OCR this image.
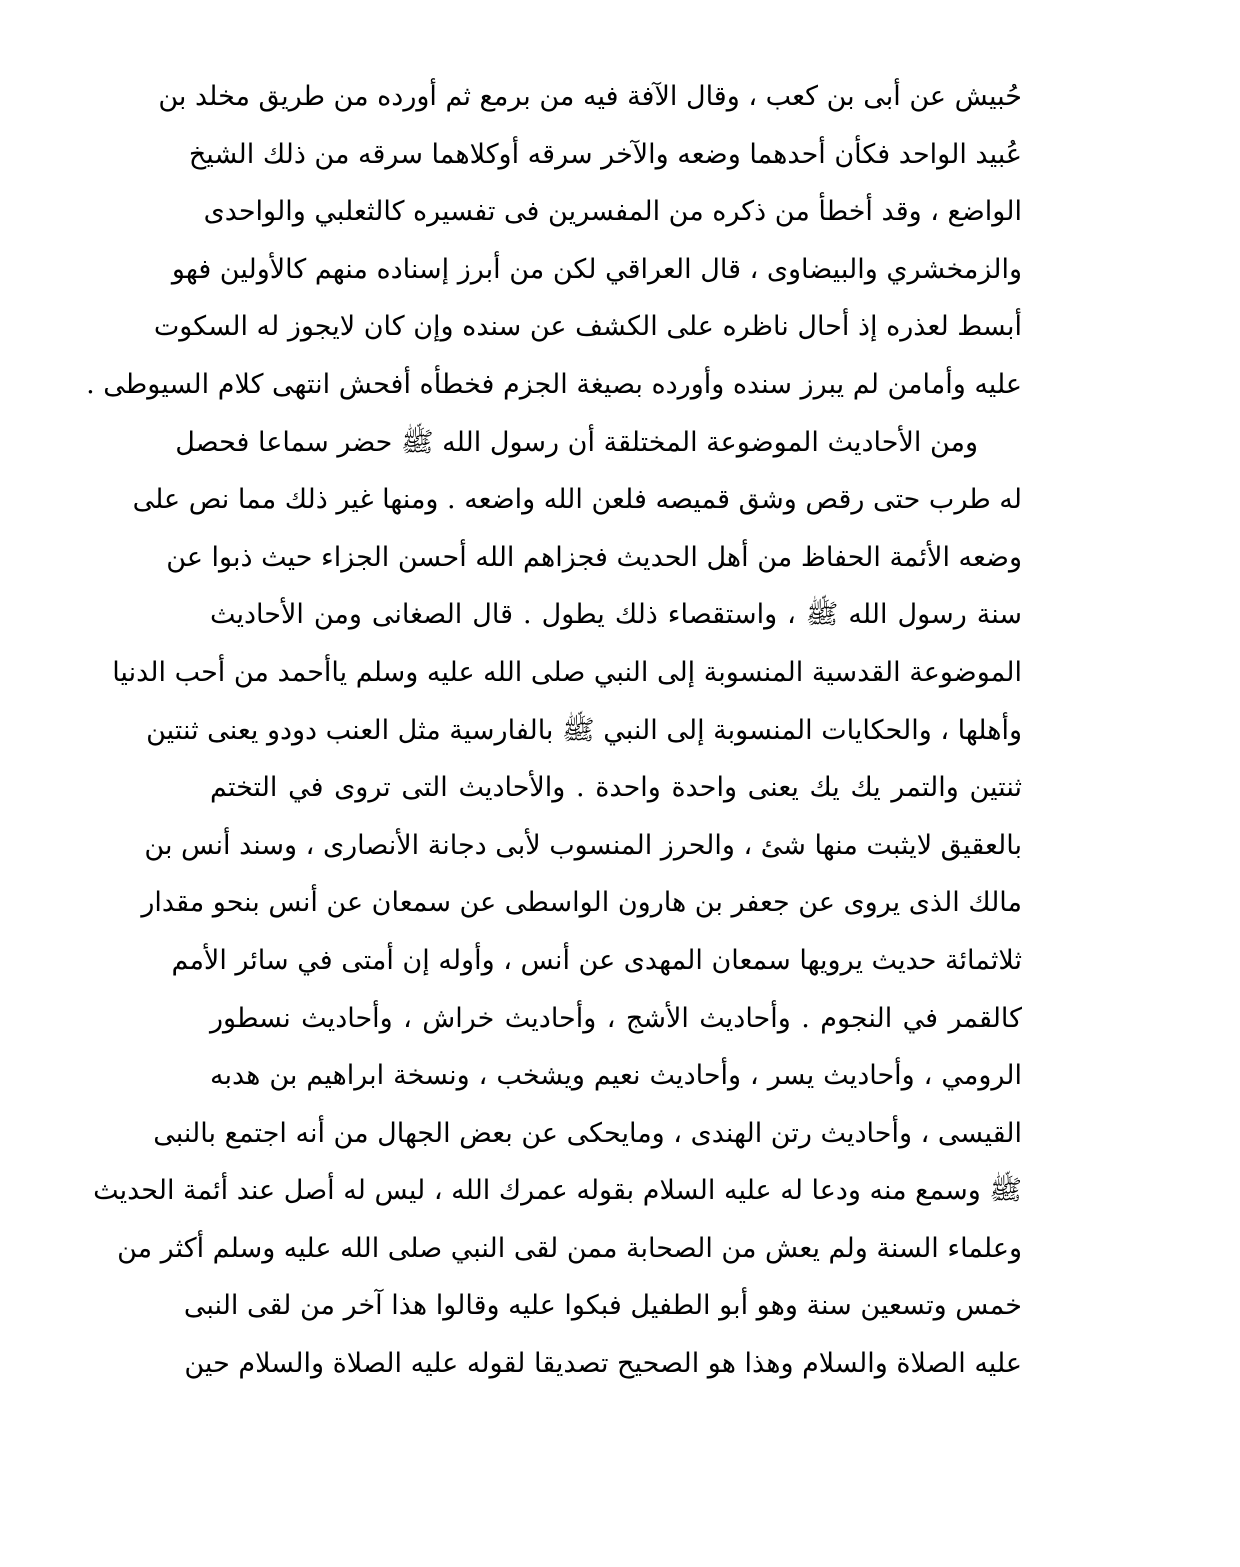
حُبيش عن أبى بن كعب ، وقال الآفة فيه من برمع ثم أورده من طريق مخلد بن
عُبيد الواحد فكأن أحدهما وضعه والآخر سرقه أوكلاهما سرقه من ذلك الشيخ
الواضع ، وقد أخطأ من ذكره من المفسرين فى تفسيره كالثعلبي والواحدى
والزمخشري والبيضاوى ، قال العراقي لكن من أبرز إسناده منهم كالأولين فهو
أبسط لعذره إذ أحال ناظره على الكشف عن سنده وإن كان لايجوز له السكوت
عليه وأمامن لم يبرز سنده وأورده بصيغة الجزم فخطأه أفحش انتهى كلام السيوطى .
ومن الأحاديث الموضوعة المختلقة أن رسول الله ﷺ حضر سماعا فحصل
له طرب حتى رقص وشق قميصه فلعن الله واضعه . ومنها غير ذلك مما نص على
وضعه الأئمة الحفاظ من أهل الحديث فجزاهم الله أحسن الجزاء حيث ذبوا عن
سنة رسول الله ﷺ ، واستقصاء ذلك يطول . قال الصغانى ومن الأحاديث
الموضوعة القدسية المنسوبة إلى النبي صلى الله عليه وسلم ياأحمد من أحب الدنيا
وأهلها ، والحكايات المنسوبة إلى النبي ﷺ بالفارسية مثل العنب دودو يعنى ثنتين
ثنتين والتمر يك يك يعنى واحدة واحدة . والأحاديث التى تروى في التختم
بالعقيق لايثبت منها شئ ، والحرز المنسوب لأبى دجانة الأنصارى ، وسند أنس بن
مالك الذى يروى عن جعفر بن هارون الواسطى عن سمعان عن أنس بنحو مقدار
ثلاثمائة حديث يرويها سمعان المهدى عن أنس ، وأوله إن أمتى في سائر الأمم
كالقمر في النجوم . وأحاديث الأشج ، وأحاديث خراش ، وأحاديث نسطور
الرومي ، وأحاديث يسر ، وأحاديث نعيم ويشخب ، ونسخة ابراهيم بن هدبه
القيسى ، وأحاديث رتن الهندى ، ومايحكى عن بعض الجهال من أنه اجتمع بالنبى
ﷺ وسمع منه ودعا له عليه السلام بقوله عمرك الله ، ليس له أصل عند أئمة الحديث
وعلماء السنة ولم يعش من الصحابة ممن لقى النبي صلى الله عليه وسلم أكثر من
خمس وتسعين سنة وهو أبو الطفيل فبكوا عليه وقالوا هذا آخر من لقى النبى
عليه الصلاة والسلام وهذا هو الصحيح تصديقا لقوله عليه الصلاة والسلام حين
